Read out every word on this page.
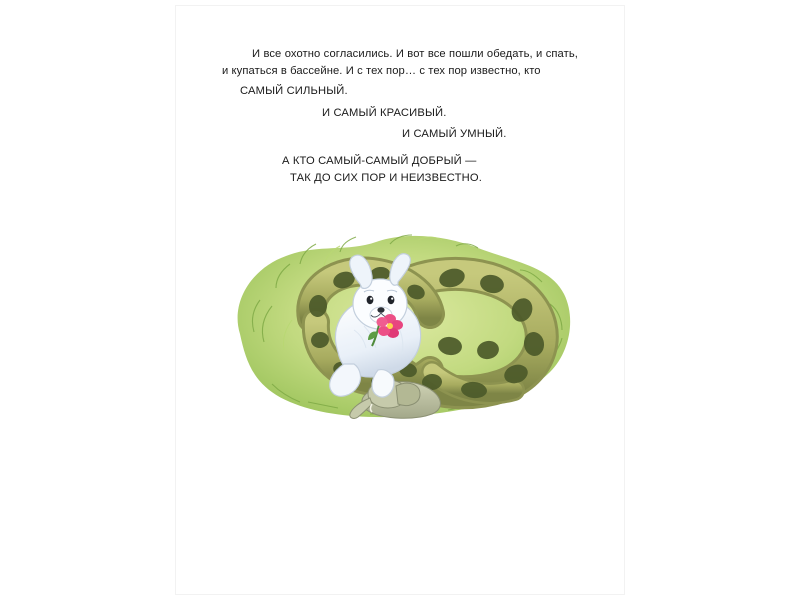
И все охотно согласились. И вот все пошли обедать, и спать, и купаться в бассейне. И с тех пор… с тех пор известно, кто

САМЫЙ СИЛЬНЫЙ.

И САМЫЙ КРАСИВЫЙ.

И САМЫЙ УМНЫЙ.

А КТО САМЫЙ-САМЫЙ ДОБРЫЙ —

ТАК ДО СИХ ПОР И НЕИЗВЕСТНО.
